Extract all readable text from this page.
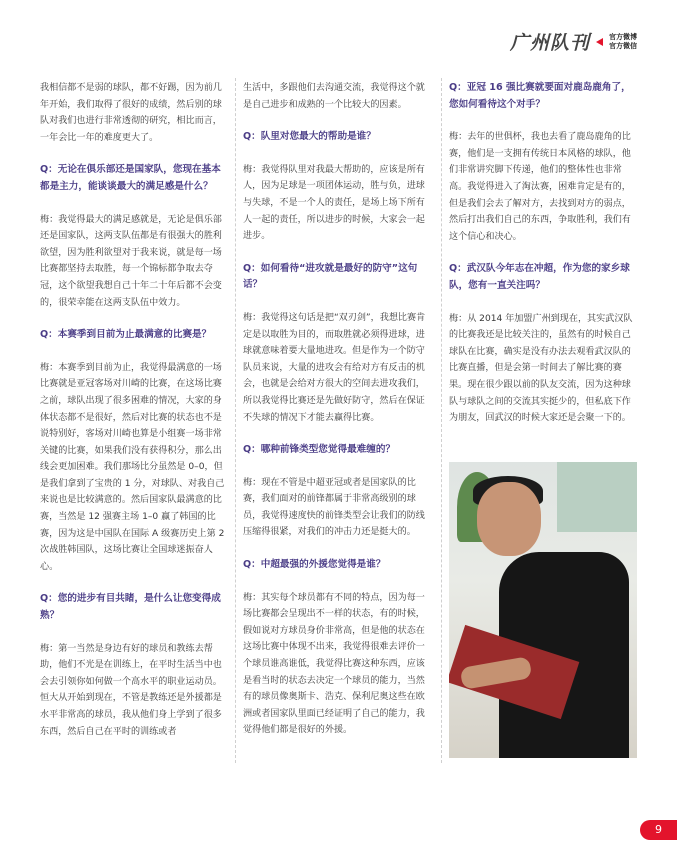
广州队刊	官方微博
官方微信

我相信都不是弱的球队，都不好踢，因为前几年开始，我们取得了很好的成绩，然后别的球队对我们也进行非常透彻的研究，相比而言，一年会比一年的难度更大了。

Q：无论在俱乐部还是国家队，您现在基本都是主力，能谈谈最大的满足感是什么？

梅：我觉得最大的满足感就是，无论是俱乐部还是国家队，这两支队伍都是有很强大的胜利欲望，因为胜利欲望对于我来说，就是每一场比赛都坚持去取胜，每一个锦标都争取去夺冠，这个欲望我想自己十年二十年后都不会变的，很荣幸能在这两支队伍中效力。

Q：本赛季到目前为止最满意的比赛是？

梅：本赛季到目前为止，我觉得最满意的一场比赛就是亚冠客场对川崎的比赛，在这场比赛之前，球队出现了很多困难的情况，大家的身体状态都不是很好，然后对比赛的状态也不是说特别好，客场对川崎也算是小组赛一场非常关键的比赛，如果我们没有获得积分，那么出线会更加困难。我们那场比分虽然是 0–0，但是我们拿到了宝贵的 1 分，对球队、对我自己来说也是比较满意的。然后国家队最满意的比赛，当然是 12 强赛主场 1–0 赢了韩国的比赛，因为这是中国队在国际 A 级赛历史上第 2 次战胜韩国队，这场比赛让全国球迷振奋人心。

Q：您的进步有目共睹，是什么让您变得成熟？

梅：第一当然是身边有好的球员和教练去帮助，他们不光是在训练上，在平时生活当中也会去引领你如何做一个高水平的职业运动员。恒大从开始到现在，不管是教练还是外援都是水平非常高的球员，我从他们身上学到了很多东西，然后自己在平时的训练或者

生活中，多跟他们去沟通交流，我觉得这个就是自己进步和成熟的一个比较大的因素。

Q：队里对您最大的帮助是谁？

梅：我觉得队里对我最大帮助的，应该是所有人，因为足球是一项团体运动，胜与负，进球与失球，不是一个人的责任，是场上场下所有人一起的责任，所以进步的时候，大家会一起进步。

Q：如何看待“进攻就是最好的防守”这句话？

梅：我觉得这句话是把“双刃剑”，我想比赛肯定是以取胜为目的，而取胜就必须得进球，进球就意味着要大量地进攻。但是作为一个防守队员来说，大量的进攻会有给对方有反击的机会，也就是会给对方很大的空间去进攻我们，所以我觉得比赛还是先做好防守，然后在保证不失球的情况下才能去赢得比赛。

Q：哪种前锋类型您觉得最难缠的？

梅：现在不管是中超亚冠或者是国家队的比赛，我们面对的前锋都属于非常高级别的球员，我觉得速度快的前锋类型会让我们的防线压缩得很紧，对我们的冲击力还是挺大的。

Q：中超最强的外援您觉得是谁？

梅：其实每个球员都有不同的特点，因为每一场比赛都会呈现出不一样的状态，有的时候，假如说对方球员身价非常高，但是他的状态在这场比赛中体现不出来，我觉得很难去评价一个球员谁高谁低，我觉得比赛这种东西，应该是看当时的状态去决定一个球员的能力，当然有的球员像奥斯卡、浩克、保利尼奥这些在欧洲或者国家队里面已经证明了自己的能力，我觉得他们都是很好的外援。

Q：亚冠 16 强比赛就要面对鹿岛鹿角了，您如何看待这个对手？

梅：去年的世俱杯，我也去看了鹿岛鹿角的比赛，他们是一支拥有传统日本风格的球队，他们非常讲究脚下传递，他们的整体性也非常高。我觉得进入了淘汰赛，困难肯定是有的，但是我们会去了解对方，去找到对方的弱点，然后打出我们自己的东西，争取胜利，我们有这个信心和决心。

Q：武汉队今年志在冲超，作为您的家乡球队，您有一直关注吗？

梅：从 2014 年加盟广州到现在，其实武汉队的比赛我还是比较关注的，虽然有的时候自己球队在比赛，确实是没有办法去观看武汉队的比赛直播，但是会第一时间去了解比赛的赛果。现在很少跟以前的队友交流，因为这种球队与球队之间的交流其实挺少的，但私底下作为朋友，回武汉的时候大家还是会聚一下的。

9
